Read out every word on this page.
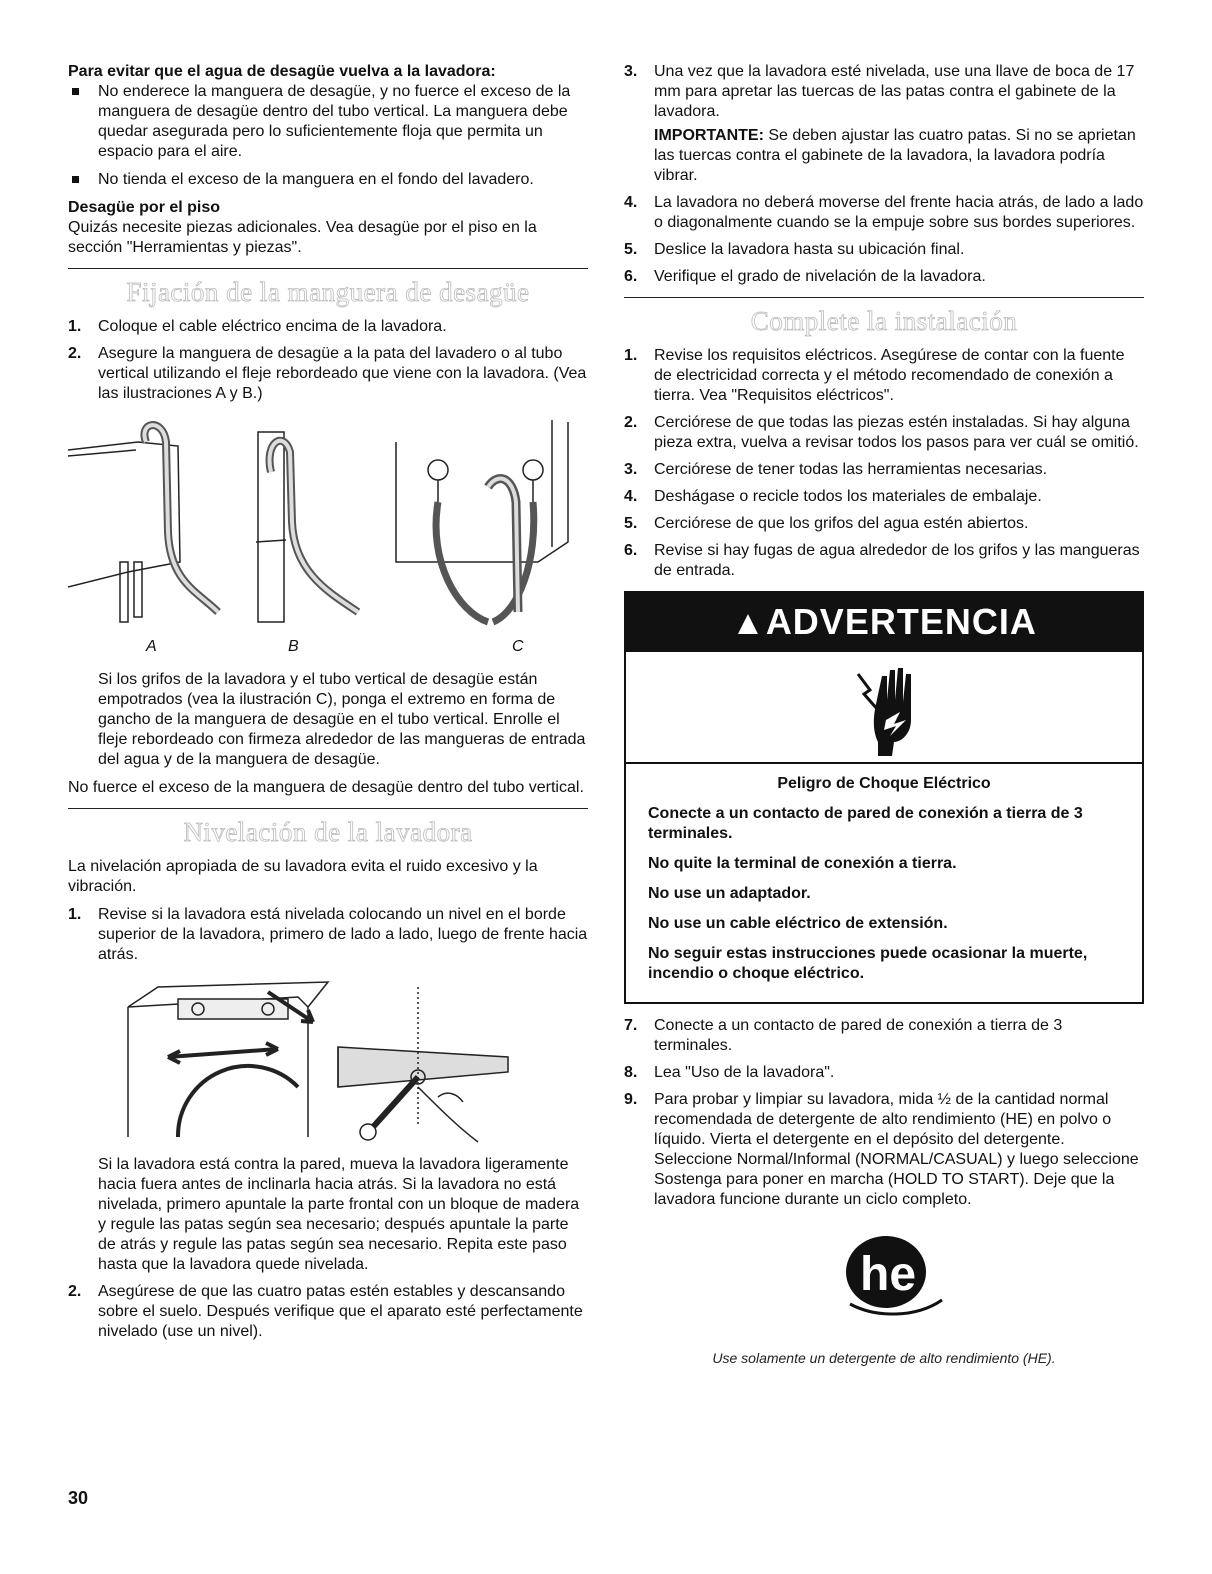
Para evitar que el agua de desagüe vuelva a la lavadora:
No enderece la manguera de desagüe, y no fuerce el exceso de la manguera de desagüe dentro del tubo vertical. La manguera debe quedar asegurada pero lo suficientemente floja que permita un espacio para el aire.
No tienda el exceso de la manguera en el fondo del lavadero.
Desagüe por el piso

Quizás necesite piezas adicionales. Vea desagüe por el piso en la sección "Herramientas y piezas".

Fijación de la manguera de desagüe
1. Coloque el cable eléctrico encima de la lavadora.
2. Asegure la manguera de desagüe a la pata del lavadero o al tubo vertical utilizando el fleje rebordeado que viene con la lavadora. (Vea las ilustraciones A y B.)
A	B	C

Si los grifos de la lavadora y el tubo vertical de desagüe están empotrados (vea la ilustración C), ponga el extremo en forma de gancho de la manguera de desagüe en el tubo vertical. Enrolle el fleje rebordeado con firmeza alrededor de las mangueras de entrada del agua y de la manguera de desagüe.

No fuerce el exceso de la manguera de desagüe dentro del tubo vertical.

Nivelación de la lavadora

La nivelación apropiada de su lavadora evita el ruido excesivo y la vibración.

1. Revise si la lavadora está nivelada colocando un nivel en el borde superior de la lavadora, primero de lado a lado, luego de frente hacia atrás.

Si la lavadora está contra la pared, mueva la lavadora ligeramente hacia fuera antes de inclinarla hacia atrás. Si la lavadora no está nivelada, primero apuntale la parte frontal con un bloque de madera y regule las patas según sea necesario; después apuntale la parte de atrás y regule las patas según sea necesario. Repita este paso hasta que la lavadora quede nivelada.

2. Asegúrese de que las cuatro patas estén estables y descansando sobre el suelo. Después verifique que el aparato esté perfectamente nivelado (use un nivel).
3. Una vez que la lavadora esté nivelada, use una llave de boca de 17 mm para apretar las tuercas de las patas contra el gabinete de la lavadora.

IMPORTANTE: Se deben ajustar las cuatro patas. Si no se aprietan las tuercas contra el gabinete de la lavadora, la lavadora podría vibrar.

4. La lavadora no deberá moverse del frente hacia atrás, de lado a lado o diagonalmente cuando se la empuje sobre sus bordes superiores.
5. Deslice la lavadora hasta su ubicación final.
6. Verifique el grado de nivelación de la lavadora.
Complete la instalación
1. Revise los requisitos eléctricos. Asegúrese de contar con la fuente de electricidad correcta y el método recomendado de conexión a tierra. Vea "Requisitos eléctricos".
2. Cerciórese de que todas las piezas estén instaladas. Si hay alguna pieza extra, vuelva a revisar todos los pasos para ver cuál se omitió.
3. Cerciórese de tener todas las herramientas necesarias.
4. Deshágase o recicle todos los materiales de embalaje.
5. Cerciórese de que los grifos del agua estén abiertos.
6. Revise si hay fugas de agua alrededor de los grifos y las mangueras de entrada.
▲ADVERTENCIA

Peligro de Choque Eléctrico

Conecte a un contacto de pared de conexión a tierra de 3 terminales.

No quite la terminal de conexión a tierra.

No use un adaptador.

No use un cable eléctrico de extensión.

No seguir estas instrucciones puede ocasionar la muerte, incendio o choque eléctrico.

7. Conecte a un contacto de pared de conexión a tierra de 3 terminales.
8. Lea "Uso de la lavadora".
9. Para probar y limpiar su lavadora, mida ½ de la cantidad normal recomendada de detergente de alto rendimiento (HE) en polvo o líquido. Vierta el detergente en el depósito del detergente. Seleccione Normal/Informal (NORMAL/CASUAL) y luego seleccione Sostenga para poner en marcha (HOLD TO START). Deje que la lavadora funcione durante un ciclo completo.
he
Use solamente un detergente de alto rendimiento (HE).
30
